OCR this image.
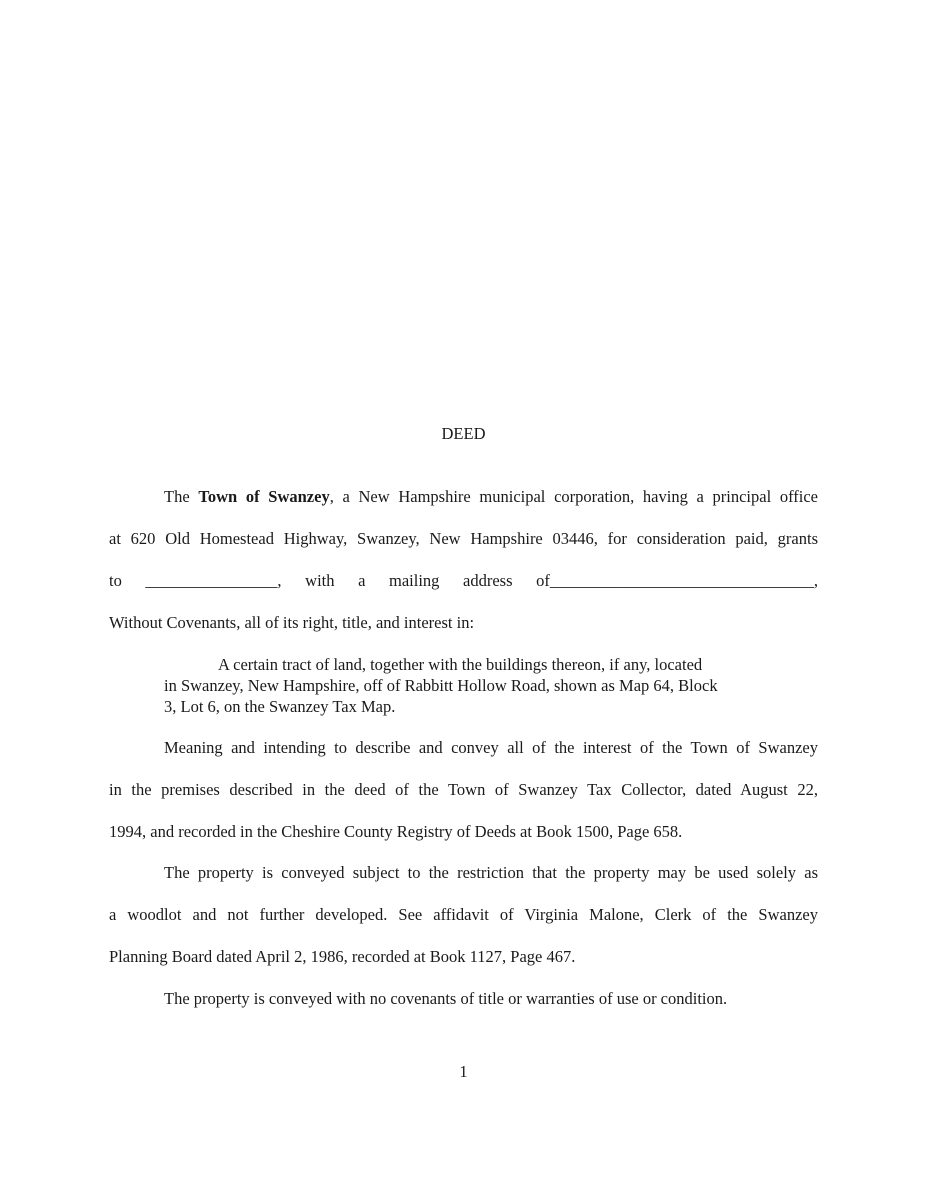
DEED
The Town of Swanzey, a New Hampshire municipal corporation, having a principal office
at 620 Old Homestead Highway, Swanzey, New Hampshire 03446, for consideration paid, grants
to ________________, with a mailing address of________________________________,
Without Covenants, all of its right, title, and interest in:
A certain tract of land, together with the buildings thereon, if any, located
in Swanzey, New Hampshire, off of Rabbitt Hollow Road, shown as Map 64, Block
3, Lot 6, on the Swanzey Tax Map.
Meaning and intending to describe and convey all of the interest of the Town of Swanzey
in the premises described in the deed of the Town of Swanzey Tax Collector, dated August 22,
1994, and recorded in the Cheshire County Registry of Deeds at Book 1500, Page 658.
The property is conveyed subject to the restriction that the property may be used solely as
a woodlot and not further developed. See affidavit of Virginia Malone, Clerk of the Swanzey
Planning Board dated April 2, 1986, recorded at Book 1127, Page 467.
The property is conveyed with no covenants of title or warranties of use or condition.
1
